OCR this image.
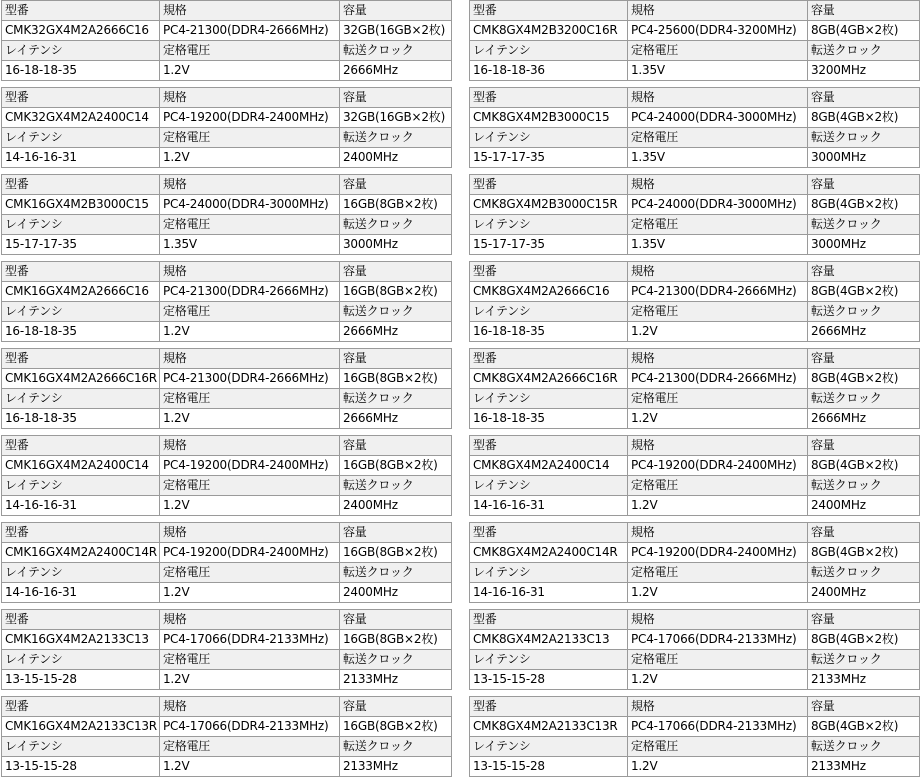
型番	規格	容量
CMK32GX4M2A2666C16	PC4-21300(DDR4-2666MHz)	32GB(16GB×2枚)
レイテンシ	定格電圧	転送クロック
16-18-18-35	1.2V	2666MHz
型番	規格	容量
CMK8GX4M2B3200C16R	PC4-25600(DDR4-3200MHz)	8GB(4GB×2枚)
レイテンシ	定格電圧	転送クロック
16-18-18-36	1.35V	3200MHz
型番	規格	容量
CMK32GX4M2A2400C14	PC4-19200(DDR4-2400MHz)	32GB(16GB×2枚)
レイテンシ	定格電圧	転送クロック
14-16-16-31	1.2V	2400MHz
型番	規格	容量
CMK8GX4M2B3000C15	PC4-24000(DDR4-3000MHz)	8GB(4GB×2枚)
レイテンシ	定格電圧	転送クロック
15-17-17-35	1.35V	3000MHz
型番	規格	容量
CMK16GX4M2B3000C15	PC4-24000(DDR4-3000MHz)	16GB(8GB×2枚)
レイテンシ	定格電圧	転送クロック
15-17-17-35	1.35V	3000MHz
型番	規格	容量
CMK8GX4M2B3000C15R	PC4-24000(DDR4-3000MHz)	8GB(4GB×2枚)
レイテンシ	定格電圧	転送クロック
15-17-17-35	1.35V	3000MHz
型番	規格	容量
CMK16GX4M2A2666C16	PC4-21300(DDR4-2666MHz)	16GB(8GB×2枚)
レイテンシ	定格電圧	転送クロック
16-18-18-35	1.2V	2666MHz
型番	規格	容量
CMK8GX4M2A2666C16	PC4-21300(DDR4-2666MHz)	8GB(4GB×2枚)
レイテンシ	定格電圧	転送クロック
16-18-18-35	1.2V	2666MHz
型番	規格	容量
CMK16GX4M2A2666C16R	PC4-21300(DDR4-2666MHz)	16GB(8GB×2枚)
レイテンシ	定格電圧	転送クロック
16-18-18-35	1.2V	2666MHz
型番	規格	容量
CMK8GX4M2A2666C16R	PC4-21300(DDR4-2666MHz)	8GB(4GB×2枚)
レイテンシ	定格電圧	転送クロック
16-18-18-35	1.2V	2666MHz
型番	規格	容量
CMK16GX4M2A2400C14	PC4-19200(DDR4-2400MHz)	16GB(8GB×2枚)
レイテンシ	定格電圧	転送クロック
14-16-16-31	1.2V	2400MHz
型番	規格	容量
CMK8GX4M2A2400C14	PC4-19200(DDR4-2400MHz)	8GB(4GB×2枚)
レイテンシ	定格電圧	転送クロック
14-16-16-31	1.2V	2400MHz
型番	規格	容量
CMK16GX4M2A2400C14R	PC4-19200(DDR4-2400MHz)	16GB(8GB×2枚)
レイテンシ	定格電圧	転送クロック
14-16-16-31	1.2V	2400MHz
型番	規格	容量
CMK8GX4M2A2400C14R	PC4-19200(DDR4-2400MHz)	8GB(4GB×2枚)
レイテンシ	定格電圧	転送クロック
14-16-16-31	1.2V	2400MHz
型番	規格	容量
CMK16GX4M2A2133C13	PC4-17066(DDR4-2133MHz)	16GB(8GB×2枚)
レイテンシ	定格電圧	転送クロック
13-15-15-28	1.2V	2133MHz
型番	規格	容量
CMK8GX4M2A2133C13	PC4-17066(DDR4-2133MHz)	8GB(4GB×2枚)
レイテンシ	定格電圧	転送クロック
13-15-15-28	1.2V	2133MHz
型番	規格	容量
CMK16GX4M2A2133C13R	PC4-17066(DDR4-2133MHz)	16GB(8GB×2枚)
レイテンシ	定格電圧	転送クロック
13-15-15-28	1.2V	2133MHz
型番	規格	容量
CMK8GX4M2A2133C13R	PC4-17066(DDR4-2133MHz)	8GB(4GB×2枚)
レイテンシ	定格電圧	転送クロック
13-15-15-28	1.2V	2133MHz
